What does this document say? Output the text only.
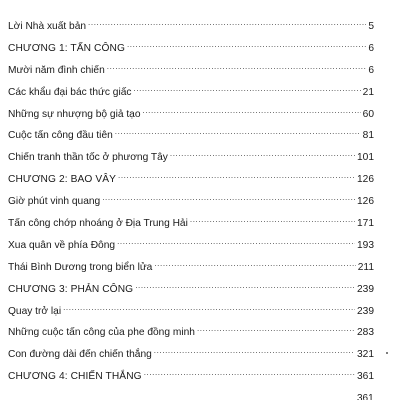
Lời Nhà xuất bản .....	5
CHƯƠNG 1: TẤN CÔNG .....	6
Mười năm đình chiến .....	6
Các khẩu đại bác thức giấc .....	21
Những sự nhượng bộ giả tạo .....	60
Cuộc tấn công đầu tiên .....	81
Chiến tranh thần tốc ở phương Tây .....	101
CHƯƠNG 2: BAO VÂY .....	126
Giờ phút vinh quang .....	126
Tấn công chớp nhoáng ở Địa Trung Hải .....	171
Xua quân về phía Đông .....	193
Thái Bình Dương trong biển lửa .....	211
CHƯƠNG 3: PHẢN CÔNG .....	239
Quay trở lại .....	239
Những cuộc tấn công của phe đồng minh .....	283
Con đường dài đến chiến thắng .....	321
CHƯƠNG 4: CHIẾN THẮNG .....	361
361
